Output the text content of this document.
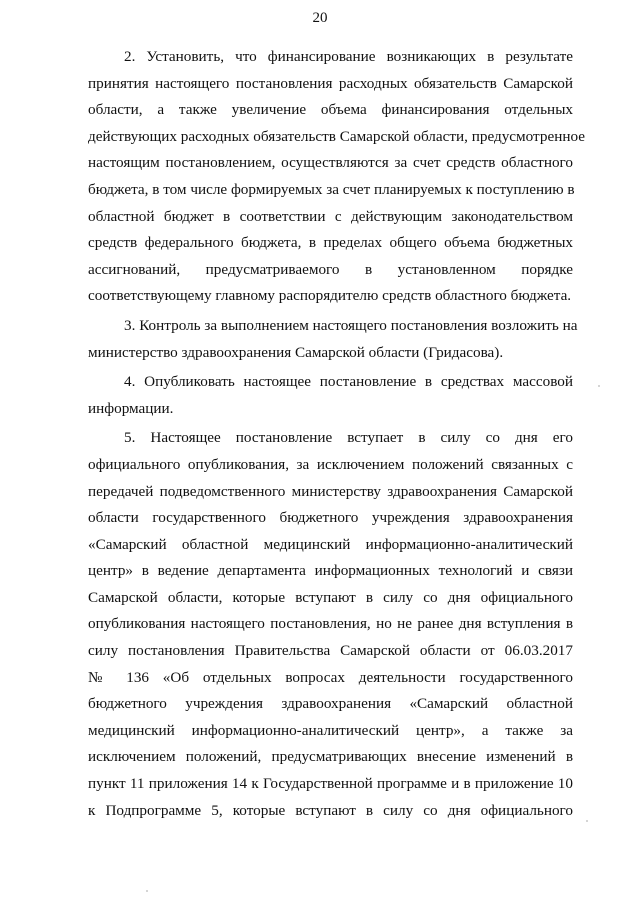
20
2. Установить, что финансирование возникающих в результате
принятия настоящего постановления расходных обязательств Самарской
области, а также увеличение объема финансирования отдельных
действующих расходных обязательств Самарской области, предусмотренное
настоящим постановлением, осуществляются за счет средств областного
бюджета, в том числе формируемых за счет планируемых к поступлению в
областной бюджет в соответствии с действующим законодательством
средств федерального бюджета, в пределах общего объема бюджетных
ассигнований, предусматриваемого в установленном порядке
соответствующему главному распорядителю средств областного бюджета.
3. Контроль за выполнением настоящего постановления возложить на
министерство здравоохранения Самарской области (Гридасова).
4. Опубликовать настоящее постановление в средствах массовой
информации.
5. Настоящее постановление вступает в силу со дня его
официального опубликования, за исключением положений связанных с
передачей подведомственного министерству здравоохранения Самарской
области государственного бюджетного учреждения здравоохранения
«Самарский областной медицинский информационно-аналитический
центр» в ведение департамента информационных технологий и связи
Самарской области, которые вступают в силу со дня официального
опубликования настоящего постановления, но не ранее дня вступления в
силу постановления Правительства Самарской области от 06.03.2017
№ 136 «Об отдельных вопросах деятельности государственного
бюджетного учреждения здравоохранения «Самарский областной
медицинский информационно-аналитический центр», а также за
исключением положений, предусматривающих внесение изменений в
пункт 11 приложения 14 к Государственной программе и в приложение 10
к Подпрограмме 5, которые вступают в силу со дня официального
